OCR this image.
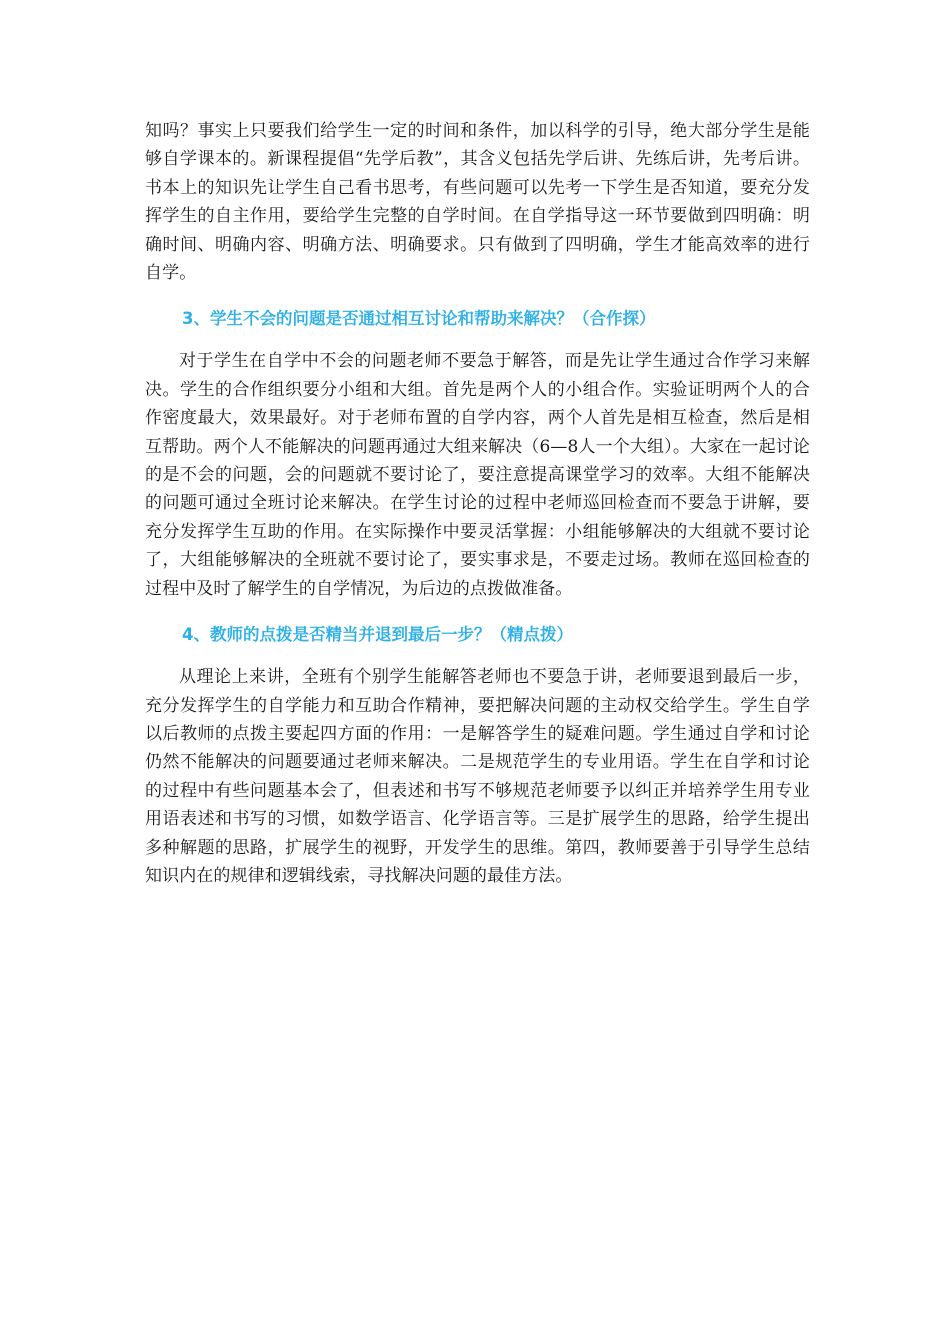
知吗？事实上只要我们给学生一定的时间和条件，加以科学的引导，绝大部分学生是能够自学课本的。新课程提倡“先学后教”，其含义包括先学后讲、先练后讲，先考后讲。书本上的知识先让学生自己看书思考，有些问题可以先考一下学生是否知道，要充分发挥学生的自主作用，要给学生完整的自学时间。在自学指导这一环节要做到四明确：明确时间、明确内容、明确方法、明确要求。只有做到了四明确，学生才能高效率的进行自学。

3、学生不会的问题是否通过相互讨论和帮助来解决？（合作探）

对于学生在自学中不会的问题老师不要急于解答，而是先让学生通过合作学习来解决。学生的合作组织要分小组和大组。首先是两个人的小组合作。实验证明两个人的合作密度最大，效果最好。对于老师布置的自学内容，两个人首先是相互检查，然后是相互帮助。两个人不能解决的问题再通过大组来解决（6—8人一个大组）。大家在一起讨论的是不会的问题，会的问题就不要讨论了，要注意提高课堂学习的效率。大组不能解决的问题可通过全班讨论来解决。在学生讨论的过程中老师巡回检查而不要急于讲解，要充分发挥学生互助的作用。在实际操作中要灵活掌握：小组能够解决的大组就不要讨论了，大组能够解决的全班就不要讨论了，要实事求是，不要走过场。教师在巡回检查的过程中及时了解学生的自学情况，为后边的点拨做准备。

4、教师的点拨是否精当并退到最后一步？（精点拨）

从理论上来讲，全班有个别学生能解答老师也不要急于讲，老师要退到最后一步，充分发挥学生的自学能力和互助合作精神，要把解决问题的主动权交给学生。学生自学以后教师的点拨主要起四方面的作用：一是解答学生的疑难问题。学生通过自学和讨论仍然不能解决的问题要通过老师来解决。二是规范学生的专业用语。学生在自学和讨论的过程中有些问题基本会了，但表述和书写不够规范老师要予以纠正并培养学生用专业用语表述和书写的习惯，如数学语言、化学语言等。三是扩展学生的思路，给学生提出多种解题的思路，扩展学生的视野，开发学生的思维。第四，教师要善于引导学生总结知识内在的规律和逻辑线索，寻找解决问题的最佳方法。
